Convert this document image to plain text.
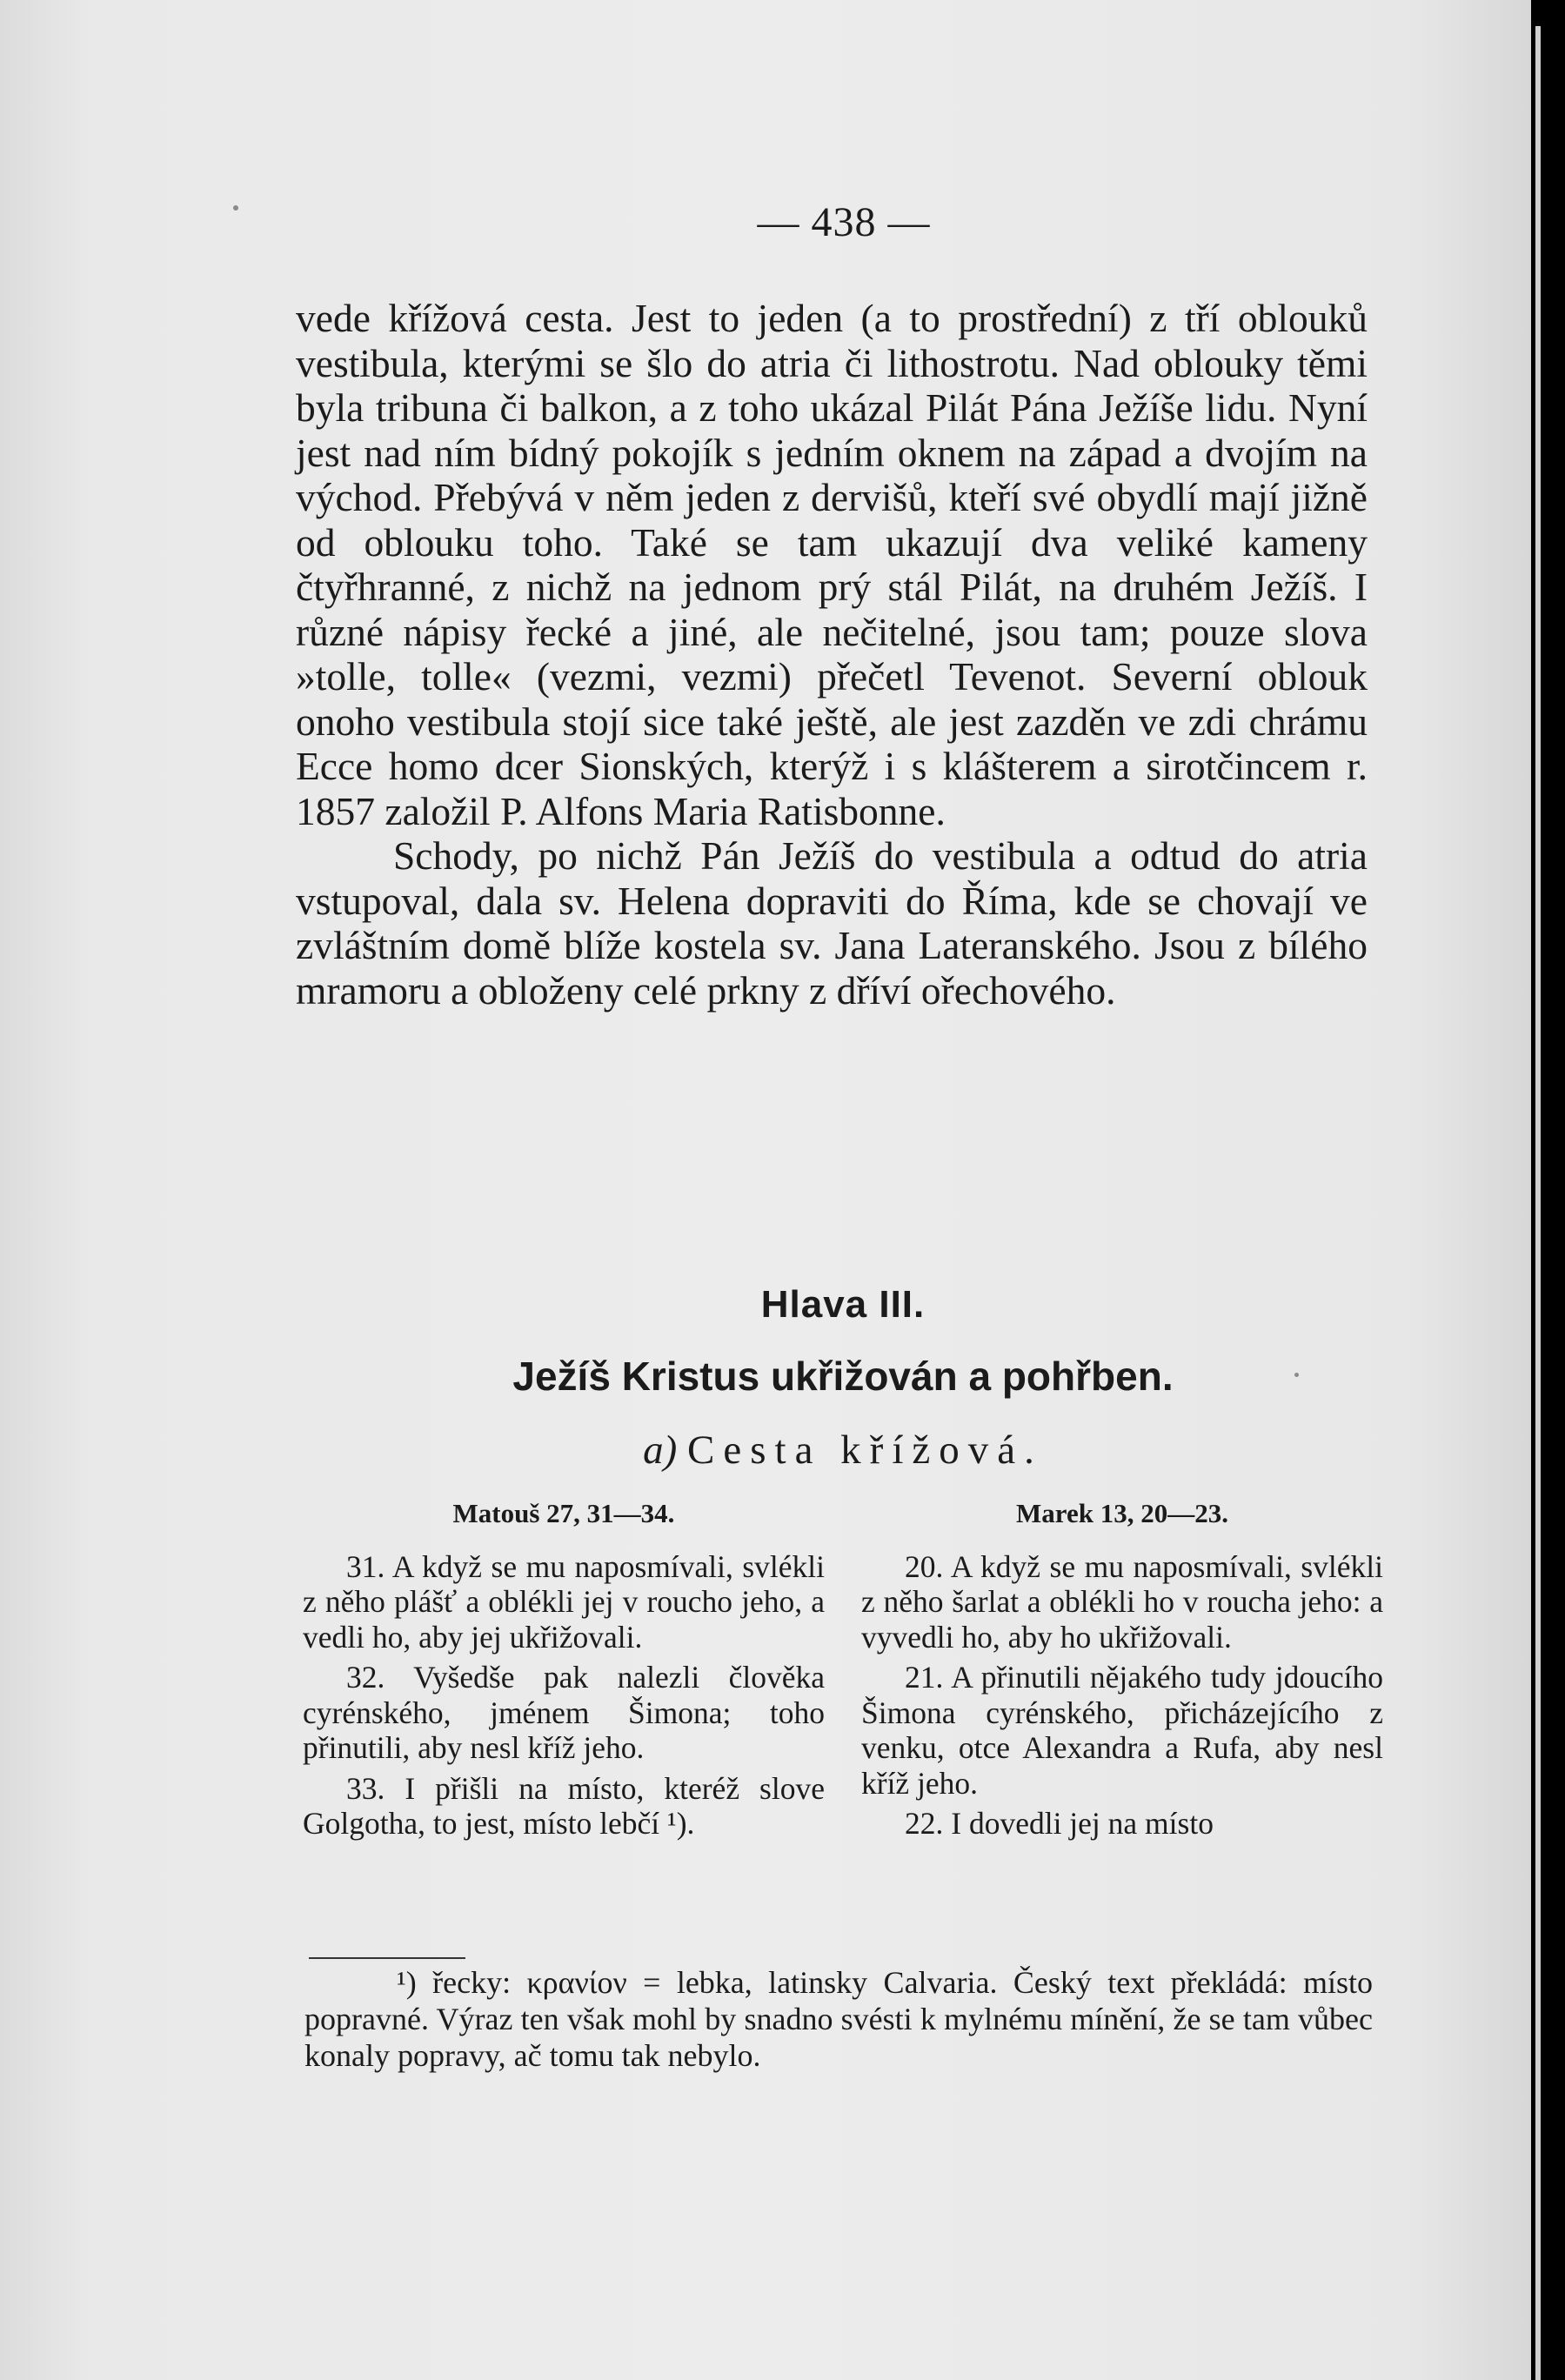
— 438 —

vede křížová cesta. Jest to jeden (a to prostřední) z tří oblouků vestibula, kterými se šlo do atria či lithostrotu. Nad oblouky těmi byla tribuna či balkon, a z toho ukázal Pilát Pána Ježíše lidu. Nyní jest nad ním bídný pokojík s jedním oknem na západ a dvojím na východ. Přebývá v něm jeden z dervišů, kteří své obydlí mají jižně od oblouku toho. Také se tam ukazují dva veliké kameny čtyřhranné, z nichž na jednom prý stál Pilát, na druhém Ježíš. I různé nápisy řecké a jiné, ale nečitelné, jsou tam; pouze slova »tolle, tolle« (vezmi, vezmi) přečetl Tevenot. Severní oblouk onoho vestibula stojí sice také ještě, ale jest zazděn ve zdi chrámu Ecce homo dcer Sionských, kterýž i s klášterem a sirotčincem r. 1857 založil P. Alfons Maria Ratisbonne.

Schody, po nichž Pán Ježíš do vestibula a odtud do atria vstupoval, dala sv. Helena dopraviti do Říma, kde se chovají ve zvláštním domě blíže kostela sv. Jana Lateranského. Jsou z bílého mramoru a obloženy celé prkny z dříví ořechového.

Hlava III.
Ježíš Kristus ukřižován a pohřben.
a) Cesta křížová.
Matouš 27, 31—34.

31. A když se mu naposmívali, svlékli z něho plášť a oblékli jej v roucho jeho, a vedli ho, aby jej ukřižovali.

32. Vyšedše pak nalezli člověka cyrénského, jménem Šimona; toho přinutili, aby nesl kříž jeho.

33. I přišli na místo, kteréž slove Golgotha, to jest, místo lebčí ¹).

Marek 13, 20—23.

20. A když se mu naposmívali, svlékli z něho šarlat a oblékli ho v roucha jeho: a vyvedli ho, aby ho ukřižovali.

21. A přinutili nějakého tudy jdoucího Šimona cyrénského, přicházejícího z venku, otce Alexandra a Rufa, aby nesl kříž jeho.

22. I dovedli jej na místo

¹) řecky: κρανίον = lebka, latinsky Calvaria. Český text překládá: místo popravné. Výraz ten však mohl by snadno svésti k mylnému mínění, že se tam vůbec konaly popravy, ač tomu tak nebylo.
